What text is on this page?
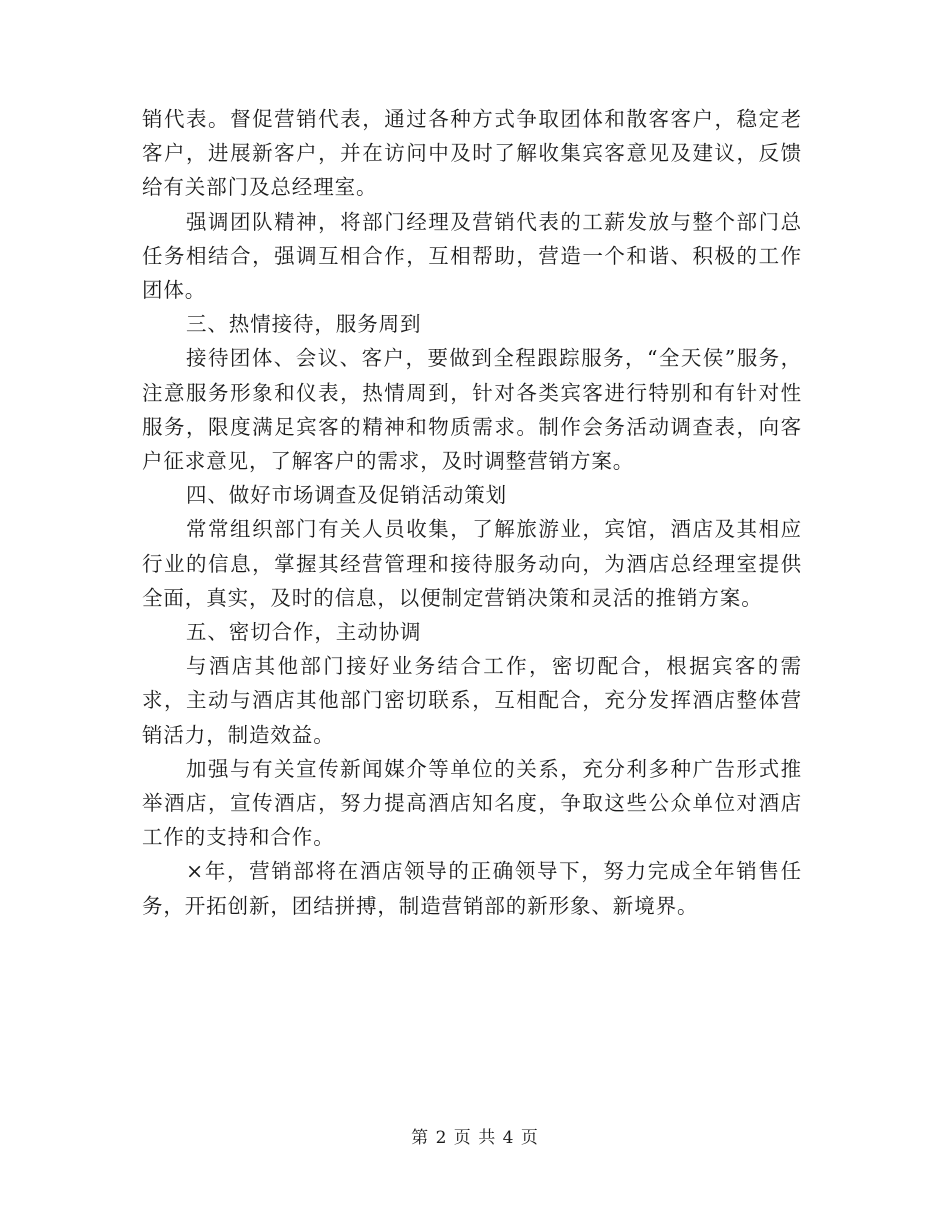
销代表。督促营销代表，通过各种方式争取团体和散客客户，稳定老客户，进展新客户，并在访问中及时了解收集宾客意见及建议，反馈给有关部门及总经理室。

强调团队精神，将部门经理及营销代表的工薪发放与整个部门总任务相结合，强调互相合作，互相帮助，营造一个和谐、积极的工作团体。

三、热情接待，服务周到

接待团体、会议、客户，要做到全程跟踪服务，“全天侯”服务，注意服务形象和仪表，热情周到，针对各类宾客进行特别和有针对性服务，限度满足宾客的精神和物质需求。制作会务活动调查表，向客户征求意见，了解客户的需求，及时调整营销方案。

四、做好市场调查及促销活动策划

常常组织部门有关人员收集，了解旅游业，宾馆，酒店及其相应行业的信息，掌握其经营管理和接待服务动向，为酒店总经理室提供全面，真实，及时的信息，以便制定营销决策和灵活的推销方案。

五、密切合作，主动协调

与酒店其他部门接好业务结合工作，密切配合，根据宾客的需求，主动与酒店其他部门密切联系，互相配合，充分发挥酒店整体营销活力，制造效益。

加强与有关宣传新闻媒介等单位的关系，充分利多种广告形式推举酒店，宣传酒店，努力提高酒店知名度，争取这些公众单位对酒店工作的支持和合作。

×年，营销部将在酒店领导的正确领导下，努力完成全年销售任务，开拓创新，团结拼搏，制造营销部的新形象、新境界。

第 2 页 共 4 页
